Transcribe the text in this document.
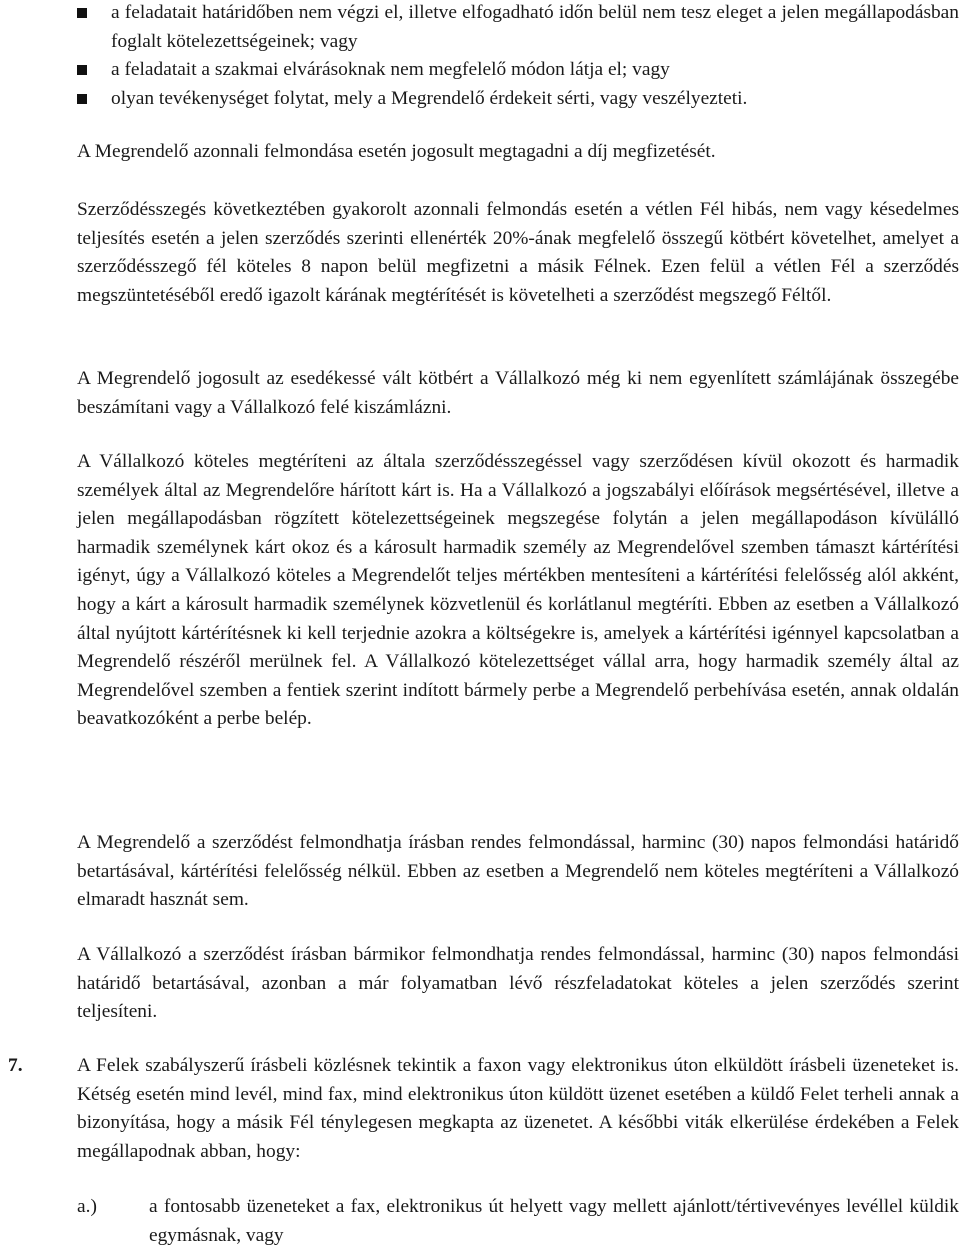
a feladatait határidőben nem végzi el, illetve elfogadható időn belül nem tesz eleget a jelen megállapodásban foglalt kötelezettségeinek; vagy
a feladatait a szakmai elvárásoknak nem megfelelő módon látja el; vagy
olyan tevékenységet folytat, mely a Megrendelő érdekeit sérti, vagy veszélyezteti.

A Megrendelő azonnali felmondása esetén jogosult megtagadni a díj megfizetését.

Szerződésszegés következtében gyakorolt azonnali felmondás esetén a vétlen Fél hibás, nem vagy késedelmes teljesítés esetén a jelen szerződés szerinti ellenérték 20%-ának megfelelő összegű kötbért követelhet, amelyet a szerződésszegő fél köteles 8 napon belül megfizetni a másik Félnek. Ezen felül a vétlen Fél a szerződés megszüntetéséből eredő igazolt kárának megtérítését is követelheti a szerződést megszegő Féltől.

A Megrendelő jogosult az esedékessé vált kötbért a Vállalkozó még ki nem egyenlített számlájának összegébe beszámítani vagy a Vállalkozó felé kiszámlázni.

A Vállalkozó köteles megtéríteni az általa szerződésszegéssel vagy szerződésen kívül okozott és harmadik személyek által az Megrendelőre hárított kárt is. Ha a Vállalkozó a jogszabályi előírások megsértésével, illetve a jelen megállapodásban rögzített kötelezettségeinek megszegése folytán a jelen megállapodáson kívülálló harmadik személynek kárt okoz és a károsult harmadik személy az Megrendelővel szemben támaszt kártérítési igényt, úgy a Vállalkozó köteles a Megrendelőt teljes mértékben mentesíteni a kártérítési felelősség alól akként, hogy a kárt a károsult harmadik személynek közvetlenül és korlátlanul megtéríti. Ebben az esetben a Vállalkozó által nyújtott kártérítésnek ki kell terjednie azokra a költségekre is, amelyek a kártérítési igénnyel kapcsolatban a Megrendelő részéről merülnek fel. A Vállalkozó kötelezettséget vállal arra, hogy harmadik személy által az Megrendelővel szemben a fentiek szerint indított bármely perbe a Megrendelő perbehívása esetén, annak oldalán beavatkozóként a perbe belép.

A Megrendelő a szerződést felmondhatja írásban rendes felmondással, harminc (30) napos felmondási határidő betartásával, kártérítési felelősség nélkül. Ebben az esetben a Megrendelő nem köteles megtéríteni a Vállalkozó elmaradt hasznát sem.

A Vállalkozó a szerződést írásban bármikor felmondhatja rendes felmondással, harminc (30) napos felmondási határidő betartásával, azonban a már folyamatban lévő részfeladatokat köteles a jelen szerződés szerint teljesíteni.

7.	A Felek szabályszerű írásbeli közlésnek tekintik a faxon vagy elektronikus úton elküldött írásbeli üzeneteket is. Kétség esetén mind levél, mind fax, mind elektronikus úton küldött üzenet esetében a küldő Felet terheli annak a bizonyítása, hogy a másik Fél ténylegesen megkapta az üzenetet. A későbbi viták elkerülése érdekében a Felek megállapodnak abban, hogy:

a.)	a fontosabb üzeneteket a fax, elektronikus út helyett vagy mellett ajánlott/tértivevényes levéllel küldik egymásnak, vagy
